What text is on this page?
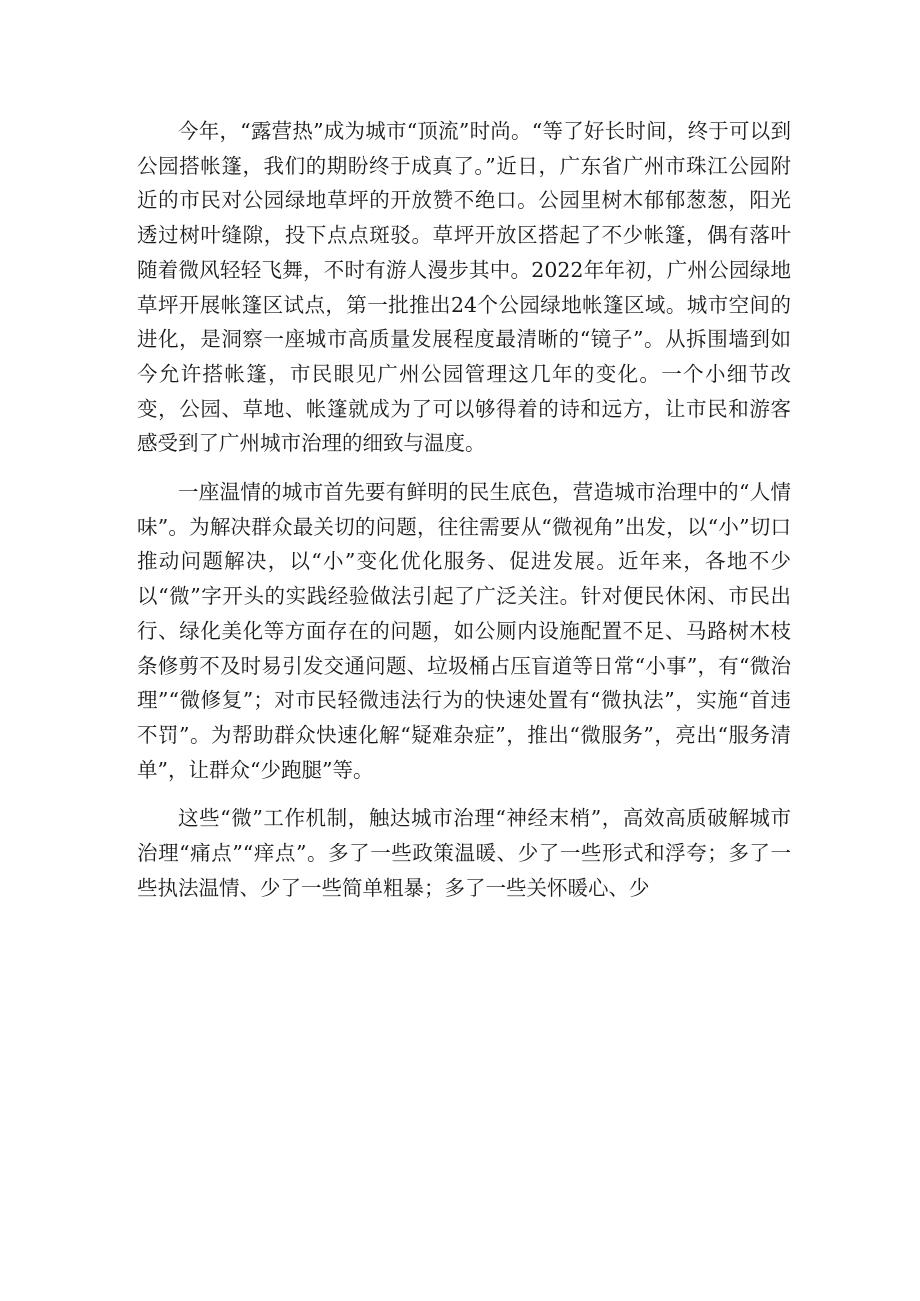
今年，“露营热”成为城市“顶流”时尚。“等了好长时间，终于可以到公园搭帐篷，我们的期盼终于成真了。”近日，广东省广州市珠江公园附近的市民对公园绿地草坪的开放赞不绝口。公园里树木郁郁葱葱，阳光透过树叶缝隙，投下点点斑驳。草坪开放区搭起了不少帐篷，偶有落叶随着微风轻轻飞舞，不时有游人漫步其中。2022年年初，广州公园绿地草坪开展帐篷区试点，第一批推出24个公园绿地帐篷区域。城市空间的进化，是洞察一座城市高质量发展程度最清晰的“镜子”。从拆围墙到如今允许搭帐篷，市民眼见广州公园管理这几年的变化。一个小细节改变，公园、草地、帐篷就成为了可以够得着的诗和远方，让市民和游客感受到了广州城市治理的细致与温度。

一座温情的城市首先要有鲜明的民生底色，营造城市治理中的“人情味”。为解决群众最关切的问题，往往需要从“微视角”出发，以“小”切口推动问题解决，以“小”变化优化服务、促进发展。近年来，各地不少以“微”字开头的实践经验做法引起了广泛关注。针对便民休闲、市民出行、绿化美化等方面存在的问题，如公厕内设施配置不足、马路树木枝条修剪不及时易引发交通问题、垃圾桶占压盲道等日常“小事”，有“微治理”“微修复”；对市民轻微违法行为的快速处置有“微执法”，实施“首违不罚”。为帮助群众快速化解“疑难杂症”，推出“微服务”，亮出“服务清单”，让群众“少跑腿”等。

这些“微”工作机制，触达城市治理“神经末梢”，高效高质破解城市治理“痛点”“痒点”。多了一些政策温暖、少了一些形式和浮夸；多了一些执法温情、少了一些简单粗暴；多了一些关怀暖心、少
